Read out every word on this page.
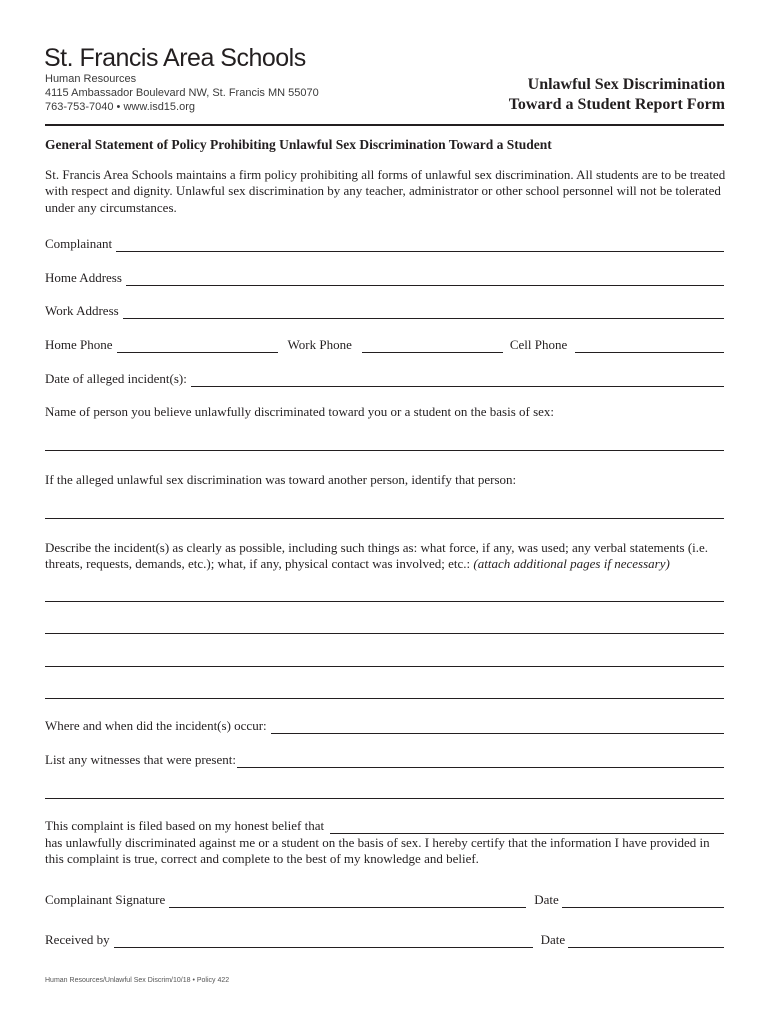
St. Francis Area Schools
Human Resources
4115 Ambassador Boulevard NW, St. Francis MN 55070
763-753-7040 • www.isd15.org
Unlawful Sex Discrimination
Toward a Student Report Form
General Statement of Policy Prohibiting Unlawful Sex Discrimination Toward a Student
St. Francis Area Schools maintains a firm policy prohibiting all forms of unlawful sex discrimination. All students are to be treated with respect and dignity. Unlawful sex discrimination by any teacher, administrator or other school personnel will not be tolerated under any circumstances.
Complainant
Home Address
Work Address
Home Phone	Work Phone	Cell Phone
Date of alleged incident(s):
Name of person you believe unlawfully discriminated toward you or a student on the basis of sex:
If the alleged unlawful sex discrimination was toward another person, identify that person:
Describe the incident(s) as clearly as possible, including such things as: what force, if any, was used; any verbal statements (i.e. threats, requests, demands, etc.); what, if any, physical contact was involved; etc.: (attach additional pages if necessary)
Where and when did the incident(s) occur:
List any witnesses that were present:
This complaint is filed based on my honest belief that
has unlawfully discriminated against me or a student on the basis of sex. I hereby certify that the information I have provided in this complaint is true, correct and complete to the best of my knowledge and belief.
Complainant Signature	Date
Received by	Date
Human Resources/Unlawful Sex Discrim/10/18 • Policy 422
